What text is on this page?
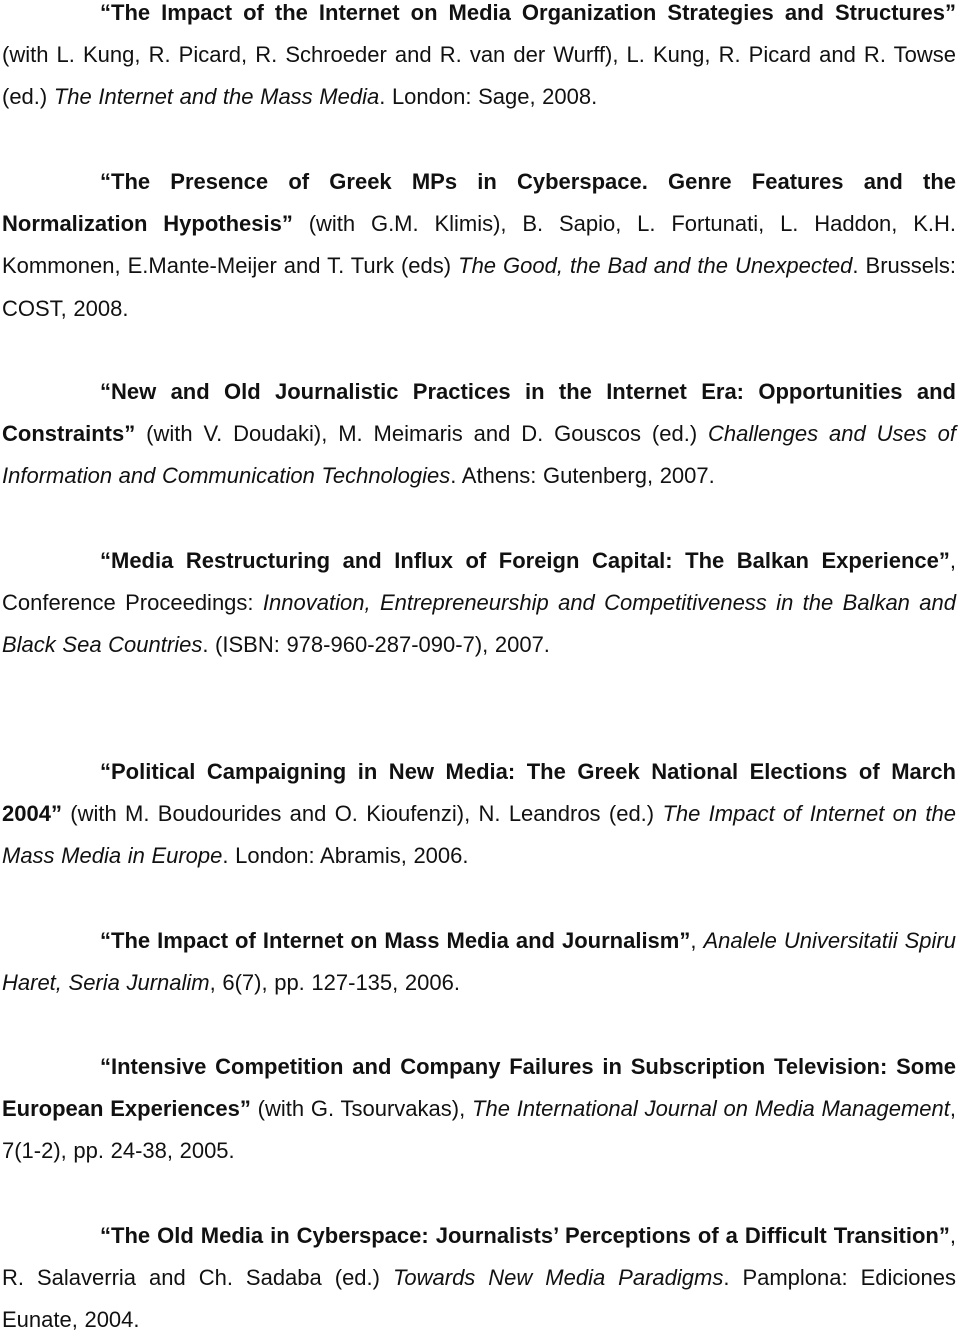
“The Impact of the Internet on Media Organization Strategies and Structures” (with L. Kung, R. Picard, R. Schroeder and R. van der Wurff), L. Kung, R. Picard and R. Towse (ed.) The Internet and the Mass Media. London: Sage, 2008.

“The Presence of Greek MPs in Cyberspace. Genre Features and the Normalization Hypothesis” (with G.M. Klimis), B. Sapio, L. Fortunati, L. Haddon, K.H. Kommonen, E.Mante-Meijer and T. Turk (eds) The Good, the Bad and the Unexpected. Brussels: COST, 2008.

“New and Old Journalistic Practices in the Internet Era: Opportunities and Constraints” (with V. Doudaki), M. Meimaris and D. Gouscos (ed.) Challenges and Uses of Information and Communication Technologies. Athens: Gutenberg, 2007.

“Media Restructuring and Influx of Foreign Capital: The Balkan Experience”, Conference Proceedings: Innovation, Entrepreneurship and Competitiveness in the Balkan and Black Sea Countries. (ISBN: 978-960-287-090-7), 2007.

“Political Campaigning in New Media: The Greek National Elections of March 2004” (with M. Boudourides and O. Kioufenzi), N. Leandros (ed.) The Impact of Internet on the Mass Media in Europe. London: Abramis, 2006.

“The Impact of Internet on Mass Media and Journalism”, Analele Universitatii Spiru Haret, Seria Jurnalim, 6(7), pp. 127-135, 2006.

“Intensive Competition and Company Failures in Subscription Television: Some European Experiences” (with G. Tsourvakas), The International Journal on Media Management, 7(1-2), pp. 24-38, 2005.

“The Old Media in Cyberspace: Journalists’ Perceptions of a Difficult Transition”, R. Salaverria and Ch. Sadaba (ed.) Towards New Media Paradigms. Pamplona: Ediciones Eunate, 2004.
